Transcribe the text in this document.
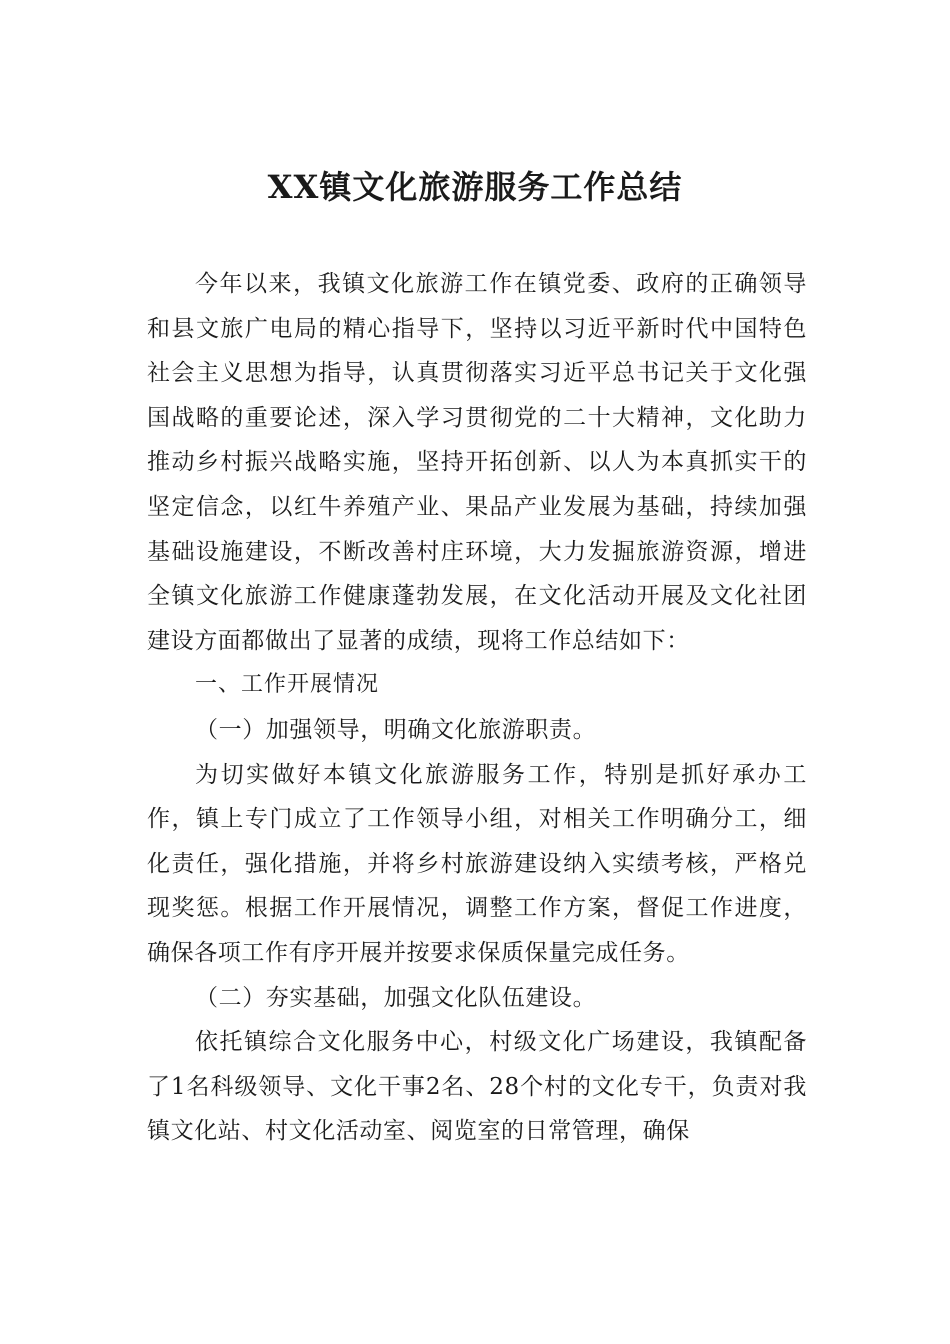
XX镇文化旅游服务工作总结

今年以来，我镇文化旅游工作在镇党委、政府的正确领导和县文旅广电局的精心指导下，坚持以习近平新时代中国特色社会主义思想为指导，认真贯彻落实习近平总书记关于文化强国战略的重要论述，深入学习贯彻党的二十大精神，文化助力推动乡村振兴战略实施，坚持开拓创新、以人为本真抓实干的坚定信念，以红牛养殖产业、果品产业发展为基础，持续加强基础设施建设，不断改善村庄环境，大力发掘旅游资源，增进全镇文化旅游工作健康蓬勃发展，在文化活动开展及文化社团建设方面都做出了显著的成绩，现将工作总结如下：

一、工作开展情况

（一）加强领导，明确文化旅游职责。

为切实做好本镇文化旅游服务工作，特别是抓好承办工作，镇上专门成立了工作领导小组，对相关工作明确分工，细化责任，强化措施，并将乡村旅游建设纳入实绩考核，严格兑现奖惩。根据工作开展情况，调整工作方案，督促工作进度，确保各项工作有序开展并按要求保质保量完成任务。

（二）夯实基础，加强文化队伍建设。

依托镇综合文化服务中心，村级文化广场建设，我镇配备了1名科级领导、文化干事2名、28个村的文化专干，负责对我镇文化站、村文化活动室、阅览室的日常管理，确保
